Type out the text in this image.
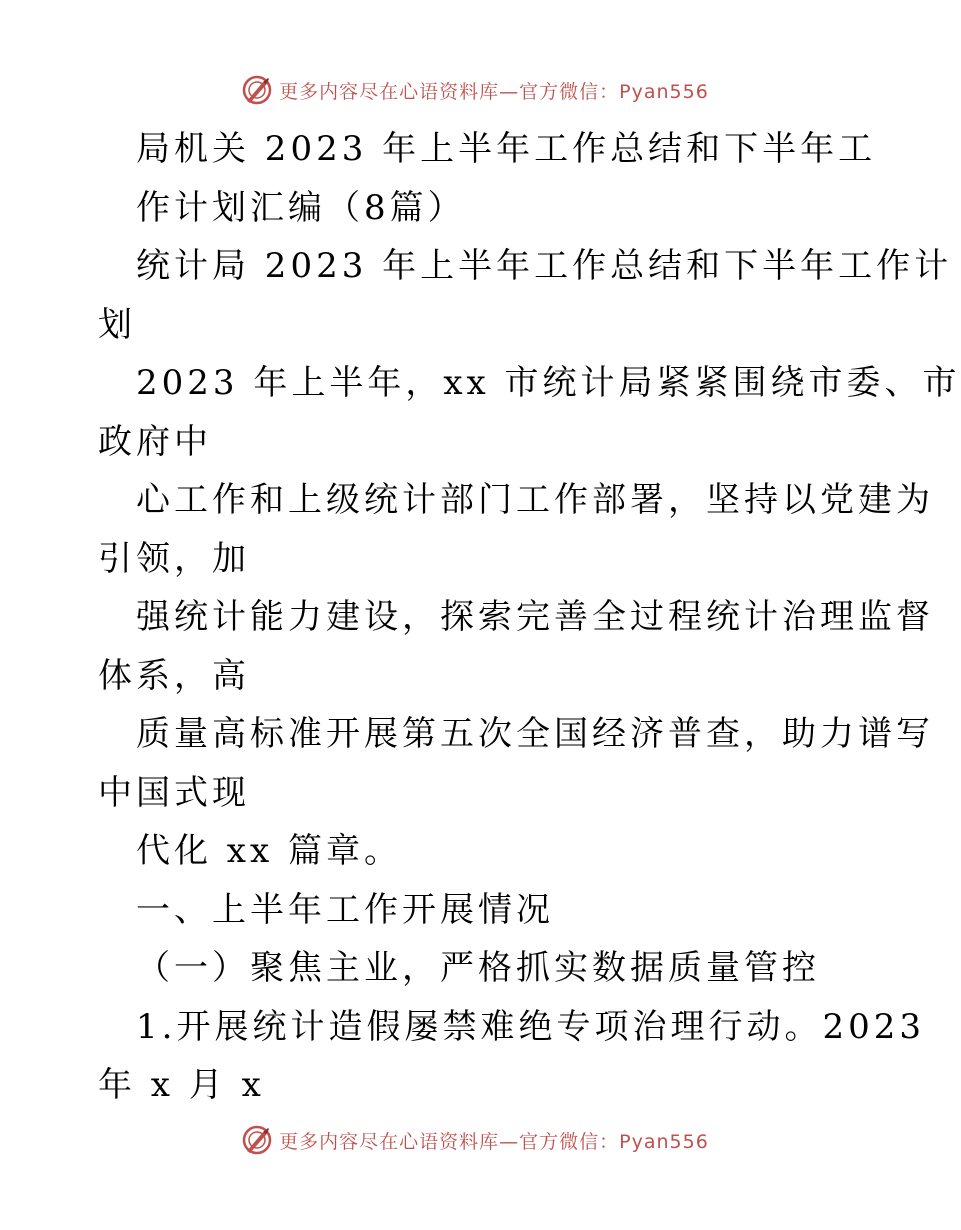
更多内容尽在心语资料库—官方微信：Pyan556
局机关 2023 年上半年工作总结和下半年工
作计划汇编（8篇）
统计局 2023 年上半年工作总结和下半年工作计
划
2023 年上半年，xx 市统计局紧紧围绕市委、市
政府中
心工作和上级统计部门工作部署，坚持以党建为
引领，加
强统计能力建设，探索完善全过程统计治理监督
体系，高
质量高标准开展第五次全国经济普查，助力谱写
中国式现
代化 xx 篇章。
一、上半年工作开展情况
（一）聚焦主业，严格抓实数据质量管控
1.开展统计造假屡禁难绝专项治理行动。2023
年 x 月 x
更多内容尽在心语资料库—官方微信：Pyan556
